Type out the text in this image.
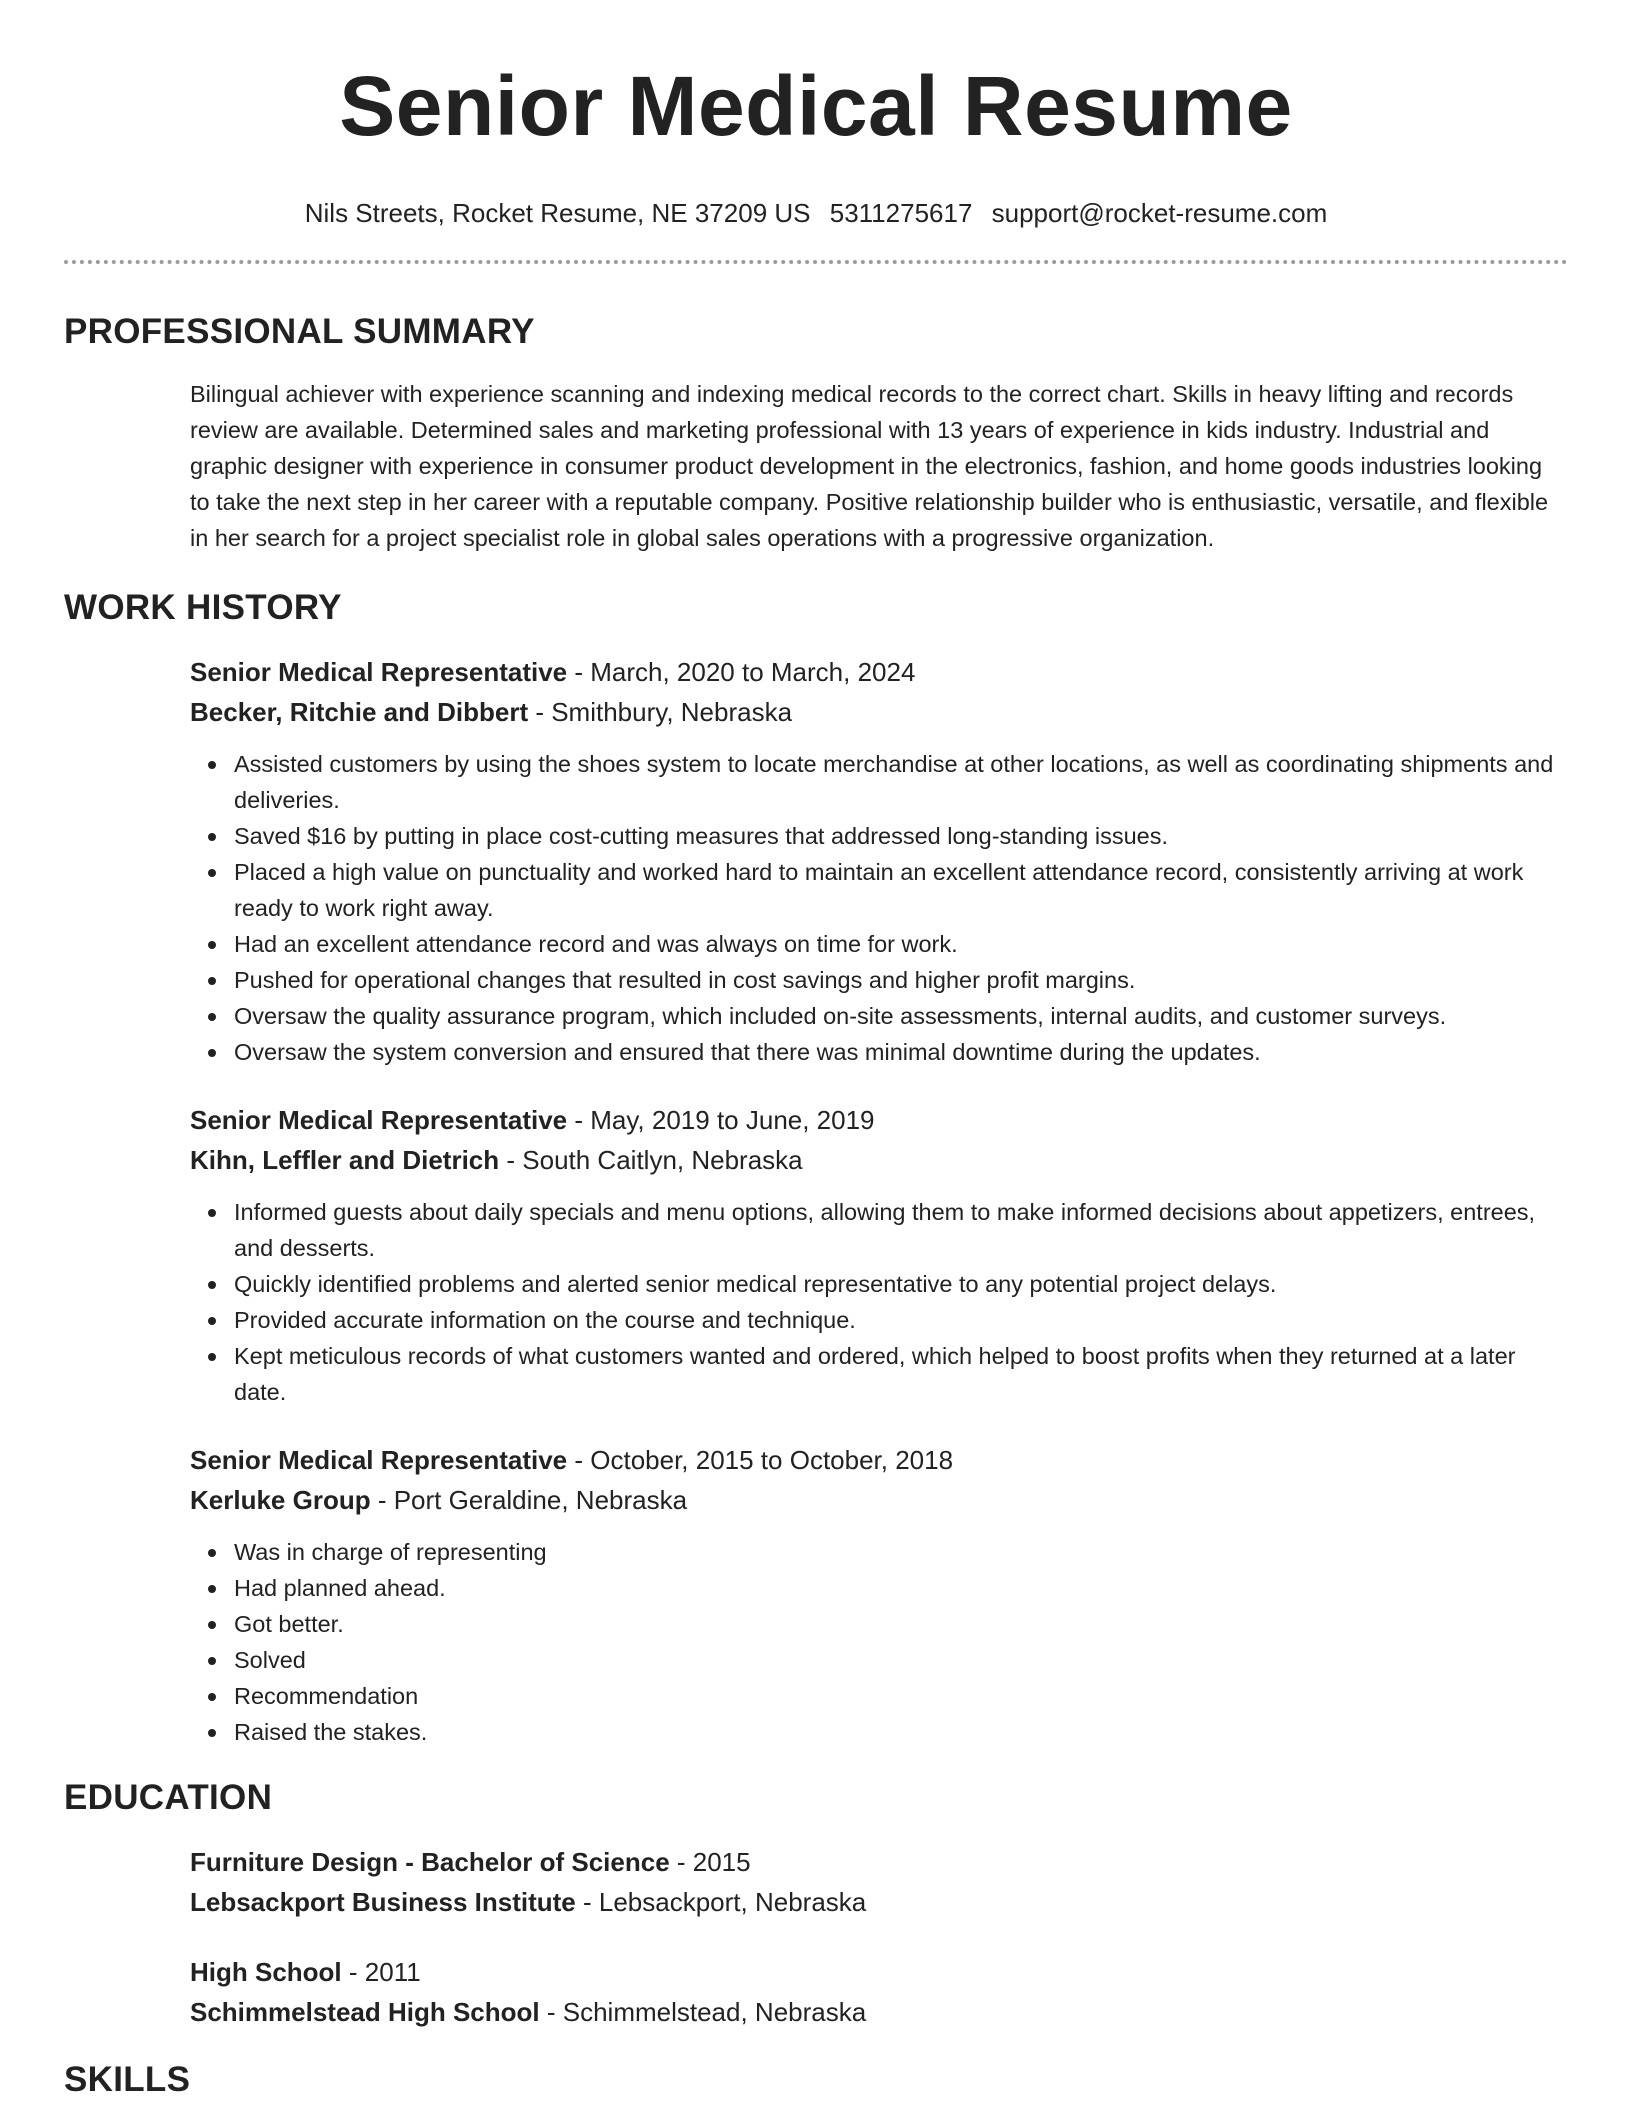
Senior Medical Resume
Nils Streets, Rocket Resume, NE 37209 US 5311275617 support@rocket-resume.com
PROFESSIONAL SUMMARY

Bilingual achiever with experience scanning and indexing medical records to the correct chart. Skills in heavy lifting and records review are available. Determined sales and marketing professional with 13 years of experience in kids industry. Industrial and graphic designer with experience in consumer product development in the electronics, fashion, and home goods industries looking to take the next step in her career with a reputable company. Positive relationship builder who is enthusiastic, versatile, and flexible in her search for a project specialist role in global sales operations with a progressive organization.

WORK HISTORY

Senior Medical Representative - March, 2020 to March, 2024

Becker, Ritchie and Dibbert - Smithbury, Nebraska

Assisted customers by using the shoes system to locate merchandise at other locations, as well as coordinating shipments and deliveries.
Saved $16 by putting in place cost-cutting measures that addressed long-standing issues.
Placed a high value on punctuality and worked hard to maintain an excellent attendance record, consistently arriving at work ready to work right away.
Had an excellent attendance record and was always on time for work.
Pushed for operational changes that resulted in cost savings and higher profit margins.
Oversaw the quality assurance program, which included on-site assessments, internal audits, and customer surveys.
Oversaw the system conversion and ensured that there was minimal downtime during the updates.

Senior Medical Representative - May, 2019 to June, 2019

Kihn, Leffler and Dietrich - South Caitlyn, Nebraska

Informed guests about daily specials and menu options, allowing them to make informed decisions about appetizers, entrees, and desserts.
Quickly identified problems and alerted senior medical representative to any potential project delays.
Provided accurate information on the course and technique.
Kept meticulous records of what customers wanted and ordered, which helped to boost profits when they returned at a later date.

Senior Medical Representative - October, 2015 to October, 2018

Kerluke Group - Port Geraldine, Nebraska

Was in charge of representing
Had planned ahead.
Got better.
Solved
Recommendation
Raised the stakes.
EDUCATION

Furniture Design - Bachelor of Science - 2015

Lebsackport Business Institute - Lebsackport, Nebraska

High School - 2011

Schimmelstead High School - Schimmelstead, Nebraska

SKILLS
